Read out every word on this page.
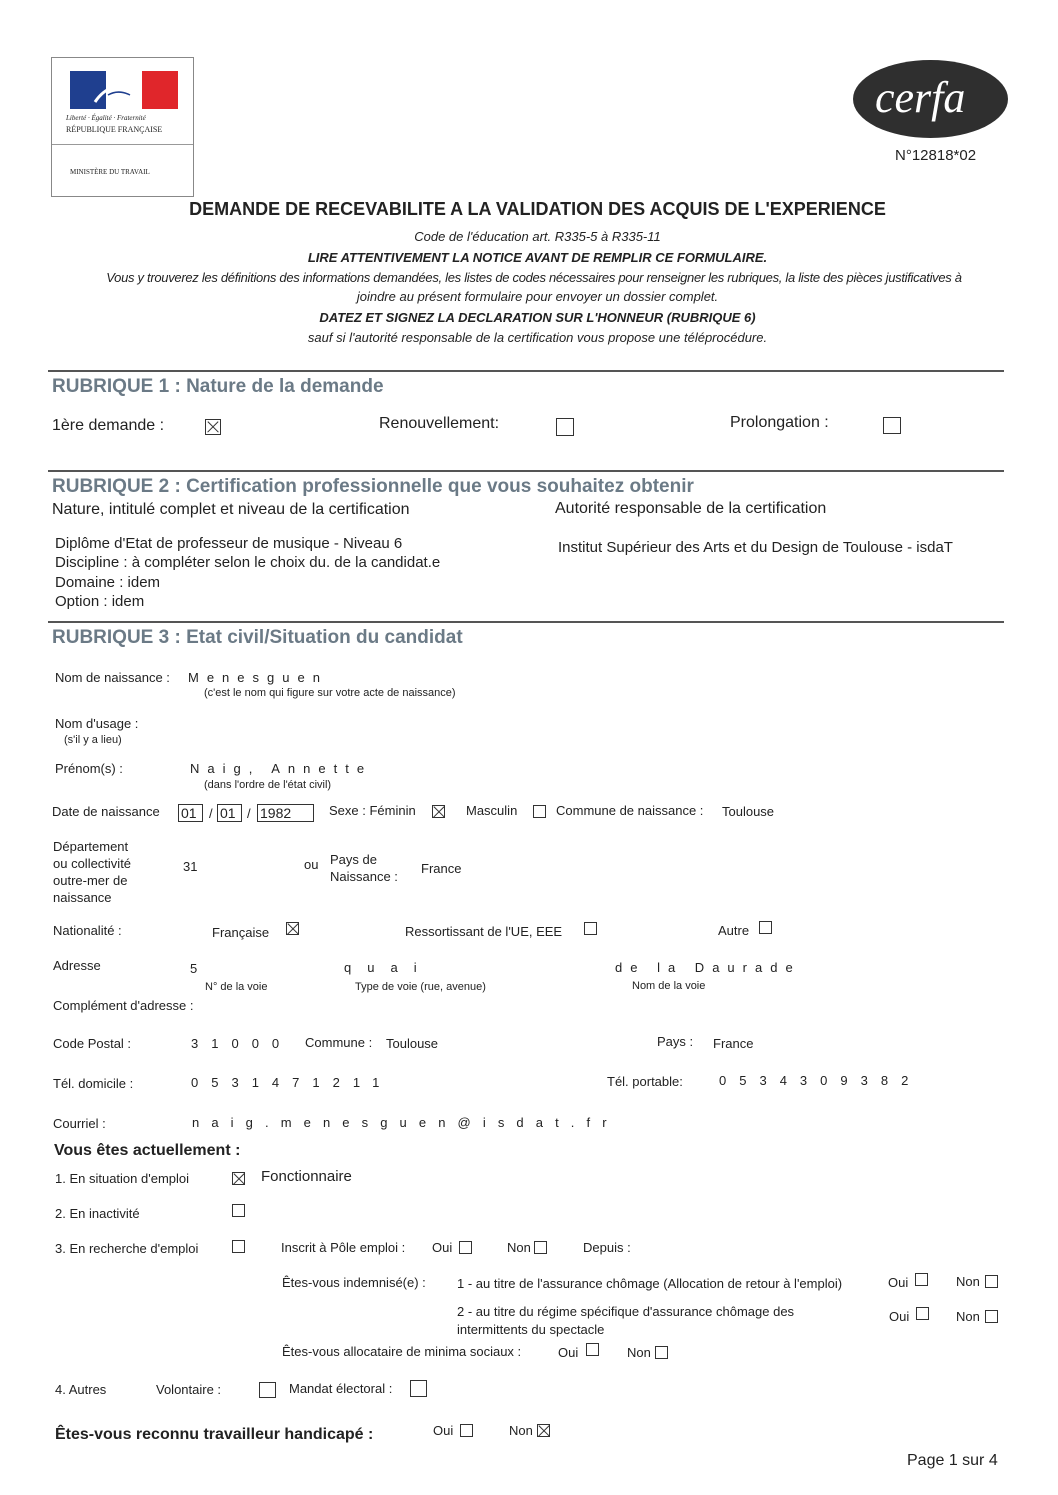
Liberté · Égalité · Fraternité
RÉPUBLIQUE FRANÇAISE
MINISTÈRE DU TRAVAIL
cerfa
N°12818*02
DEMANDE DE RECEVABILITE A LA VALIDATION DES ACQUIS DE L'EXPERIENCE
Code de l'éducation art. R335-5 à R335-11
LIRE ATTENTIVEMENT LA NOTICE AVANT DE REMPLIR CE FORMULAIRE.
Vous y trouverez les définitions des informations demandées, les listes de codes nécessaires pour renseigner les rubriques, la liste des pièces justificatives à
joindre au présent formulaire pour envoyer un dossier complet.
DATEZ ET SIGNEZ LA DECLARATION SUR L'HONNEUR (RUBRIQUE 6)
sauf si l'autorité responsable de la certification vous propose une téléprocédure.
RUBRIQUE 1 : Nature de la demande
1ère demande :	Renouvellement:	Prolongation :
RUBRIQUE 2 : Certification professionnelle que vous souhaitez obtenir
Nature, intitulé complet et niveau de la certification	Autorité responsable de la certification
Diplôme d'Etat de professeur de musique - Niveau 6
Discipline : à compléter selon le choix du. de la candidat.e
Domaine : idem
Option : idem
Institut Supérieur des Arts et du Design de Toulouse - isdaT
RUBRIQUE 3 : Etat civil/Situation du candidat
Nom de naissance : Menesguen
(c'est le nom qui figure sur votre acte de naissance)
Nom d'usage :
(s'il y a lieu)
Prénom(s) :	Naig, Annette
(dans l'ordre de l'état civil)
Date de naissance 01 / 01 / 1982	Sexe : Féminin	Masculin	Commune de naissance : Toulouse
Département
ou collectivité
outre-mer de
naissance
31	ou Pays de
Naissance :
France
Nationalité :	Française	Ressortissant de l'UE, EEE	Autre
Adresse	5
N° de la voie
quai
Type de voie (rue, avenue)
de la Daurade
Nom de la voie
Complément d'adresse :
Code Postal :	31000 Commune : Toulouse	Pays : France
Tél. domicile :	0531471211	Tél. portable:	0534309382
Courriel :	naig.menesguen@isdat.fr
Vous êtes actuellement :
1. En situation d'emploi	Fonctionnaire
2. En inactivité
3. En recherche d'emploi	Inscrit à Pôle emploi : Oui	Non	Depuis :
Êtes-vous indemnisé(e) : 1 - au titre de l'assurance chômage (Allocation de retour à l'emploi)	Oui	Non
2 - au titre du régime spécifique d'assurance chômage des
intermittents du spectacle
Oui	Non
Êtes-vous allocataire de minima sociaux :	Oui	Non
4. Autres	Volontaire :	Mandat électoral :
Êtes-vous reconnu travailleur handicapé :	Oui	Non
Page 1 sur 4
